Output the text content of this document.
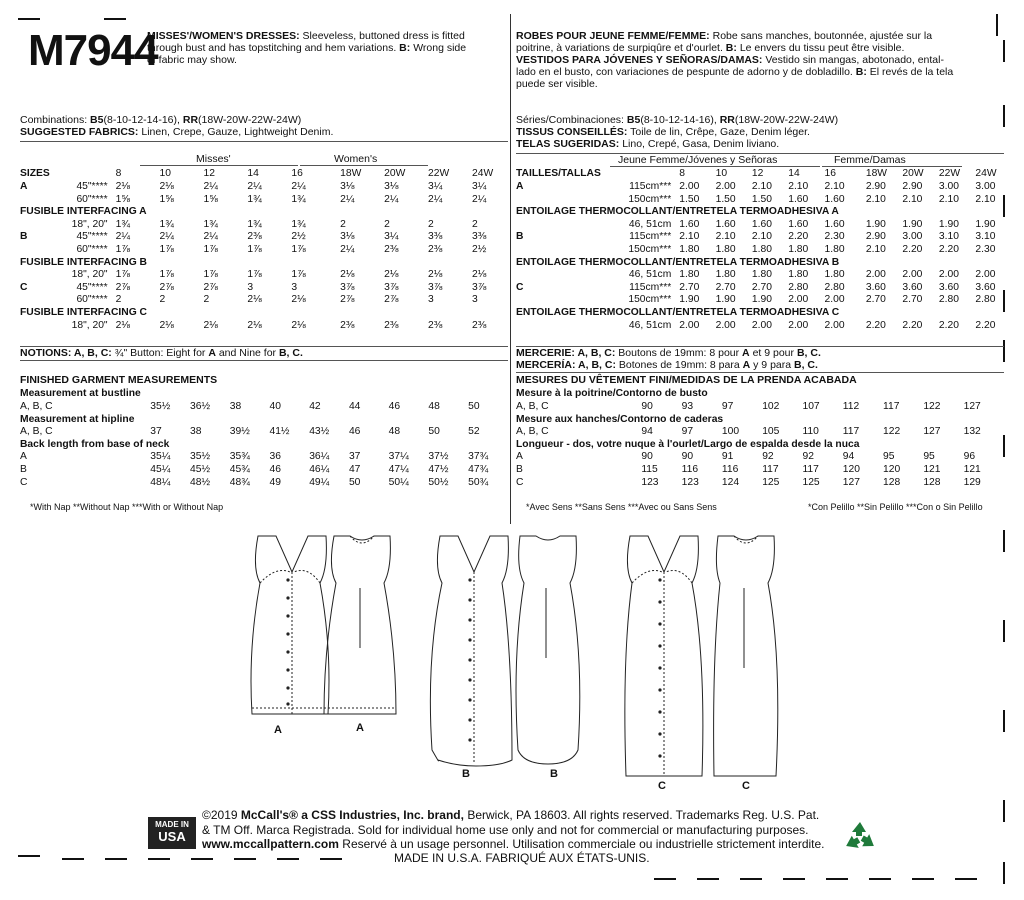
M7944
MISSES'/WOMEN'S DRESSES: Sleeveless, buttoned dress is fitted
through bust and has topstitching and hem variations. B: Wrong side
of fabric may show.
ROBES POUR JEUNE FEMME/FEMME: Robe sans manches, boutonnée, ajustée sur la
poitrine, à variations de surpiqûre et d'ourlet. B: Le envers du tissu peut être visible.
VESTIDOS PARA JÓVENES Y SEÑORAS/DAMAS: Vestido sin mangas, abotonado, ental-
lado en el busto, con variaciones de pespunte de adorno y de dobladillo. B: El revés de la tela
puede ser visible.
Combinations: B5(8-10-12-14-16), RR(18W-20W-22W-24W)
SUGGESTED FABRICS: Linen, Crepe, Gauze, Lightweight Denim.
Misses'	Women's
SIZES		8	10	12	14	16	18W	20W	22W	24W
A	45"****	2⅛	2⅛	2¼	2¼	2¼	3⅛	3⅛	3¼	3¼
	60"****	1⅝	1⅝	1⅝	1¾	1¾	2¼	2¼	2¼	2¼
FUSIBLE INTERFACING A										
	18", 20"	1¾	1¾	1¾	1¾	1¾	2	2	2	2
B	45"****	2¼	2¼	2¼	2⅜	2½	3⅛	3¼	3⅜	3⅜
	60"****	1⅞	1⅞	1⅞	1⅞	1⅞	2¼	2⅜	2⅜	2½
FUSIBLE INTERFACING B										
	18", 20"	1⅞	1⅞	1⅞	1⅞	1⅞	2⅛	2⅛	2⅛	2⅛
C	45"****	2⅞	2⅞	2⅞	3	3	3⅞	3⅞	3⅞	3⅞
	60"****	2	2	2	2⅛	2⅛	2⅞	2⅞	3	3
FUSIBLE INTERFACING C										
	18", 20"	2⅛	2⅛	2⅛	2⅛	2⅛	2⅜	2⅜	2⅜	2⅜
NOTIONS: A, B, C: ¾" Button: Eight for A and Nine for B, C.
FINISHED GARMENT MEASUREMENTS
Measurement at bustline									
A, B, C	35½	36½	38	40	42	44	46	48	50
Measurement at hipline									
A, B, C	37	38	39½	41½	43½	46	48	50	52
Back length from base of neck									
A	35¼	35½	35¾	36	36¼	37	37¼	37½	37¾
B	45¼	45½	45¾	46	46¼	47	47¼	47½	47¾
C	48¼	48½	48¾	49	49¼	50	50¼	50½	50¾
*With Nap **Without Nap ***With or Without Nap
Séries/Combinaciones: B5(8-10-12-14-16), RR(18W-20W-22W-24W)
TISSUS CONSEILLÉS: Toile de lin, Crêpe, Gaze, Denim léger.
TELAS SUGERIDAS: Lino, Crepé, Gasa, Denim liviano.
Jeune Femme/Jóvenes y Señoras	Femme/Damas
TAILLES/TALLAS		8	10	12	14	16	18W	20W	22W	24W
A	115cm***	2.00	2.00	2.10	2.10	2.10	2.90	2.90	3.00	3.00
	150cm***	1.50	1.50	1.50	1.60	1.60	2.10	2.10	2.10	2.10
ENTOILAGE THERMOCOLLANT/ENTRETELA TERMOADHESIVA A										
	46, 51cm	1.60	1.60	1.60	1.60	1.60	1.90	1.90	1.90	1.90
B	115cm***	2.10	2.10	2.10	2.20	2.30	2.90	3.00	3.10	3.10
	150cm***	1.80	1.80	1.80	1.80	1.80	2.10	2.20	2.20	2.30
ENTOILAGE THERMOCOLLANT/ENTRETELA TERMOADHESIVA B										
	46, 51cm	1.80	1.80	1.80	1.80	1.80	2.00	2.00	2.00	2.00
C	115cm***	2.70	2.70	2.70	2.80	2.80	3.60	3.60	3.60	3.60
	150cm***	1.90	1.90	1.90	2.00	2.00	2.70	2.70	2.80	2.80
ENTOILAGE THERMOCOLLANT/ENTRETELA TERMOADHESIVA C										
	46, 51cm	2.00	2.00	2.00	2.00	2.00	2.20	2.20	2.20	2.20
MERCERIE: A, B, C: Boutons de 19mm: 8 pour A et 9 pour B, C.
MERCERÍA: A, B, C: Botones de 19mm: 8 para A y 9 para B, C.
MESURES DU VÊTEMENT FINI/MEDIDAS DE LA PRENDA ACABADA
Mesure à la poitrine/Contorno de busto									
A, B, C	90	93	97	102	107	112	117	122	127
Mesure aux hanches/Contorno de caderas									
A, B, C	94	97	100	105	110	117	122	127	132
Longueur - dos, votre nuque à l'ourlet/Largo de espalda desde la nuca									
A	90	90	91	92	92	94	95	95	96
B	115	116	116	117	117	120	120	121	121
C	123	123	124	125	125	127	128	128	129
*Avec Sens **Sans Sens ***Avec ou Sans Sens	*Con Pelillo **Sin Pelillo ***Con o Sin Pelillo
A	A
B	B
C	C
MADE IN
USA
©2019 McCall's® a CSS Industries, Inc. brand, Berwick, PA 18603. All rights reserved. Trademarks Reg. U.S. Pat.
& TM Off. Marca Registrada. Sold for individual home use only and not for commercial or manufacturing purposes.
www.mccallpattern.com Reservé à un usage personnel. Utilisation commerciale ou industrielle strictement interdite.
MADE IN U.S.A. FABRIQUÉ AUX ÉTATS-UNIS.
